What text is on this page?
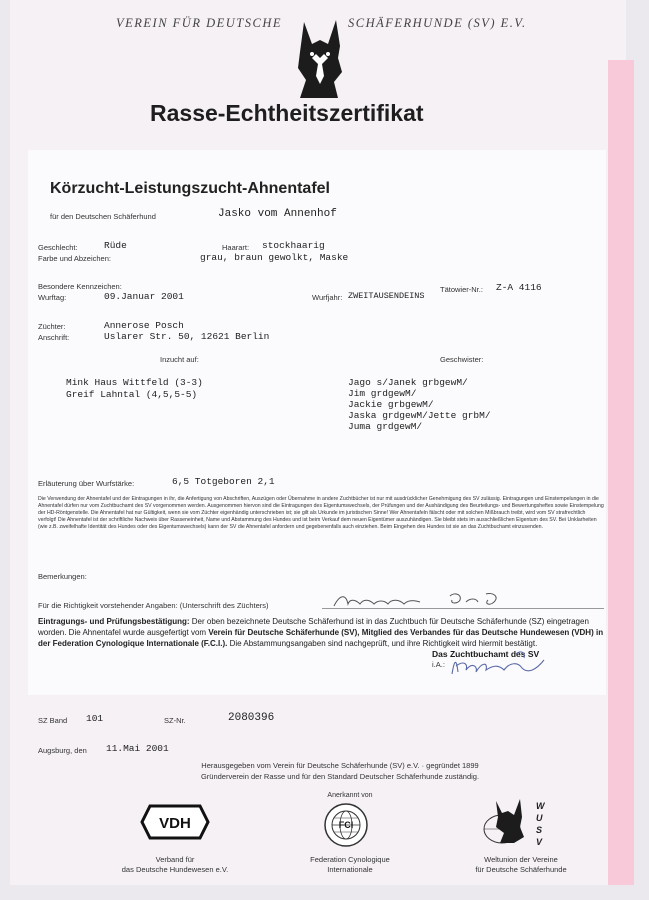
VEREIN FÜR DEUTSCHE	SCHÄFERHUNDE (SV) E.V.
Rasse-Echtheitszertifikat
Körzucht-Leistungszucht-Ahnentafel
für den Deutschen Schäferhund	Jasko vom Annenhof
Geschlecht:	Rüde	Haarart: stockhaarig
Farbe und Abzeichen:	grau, braun gewolkt, Maske
Besondere Kennzeichen:	Tätowier-Nr.: Z-A 4116
Wurftag:	09.Januar 2001	Wurfjahr: ZWEITAUSENDEINS
Züchter:	Annerose Posch
Anschrift:	Uslarer Str. 50, 12621 Berlin
Inzucht auf:	Geschwister:
Mink Haus Wittfeld (3-3)
Greif Lahntal (4,5,5-5)
Jago s/Janek grbgewM/
Jim grdgewM/
Jackie grbgewM/
Jaska grdgewM/Jette grbM/
Juma grdgewM/
Erläuterung über Wurfstärke:	6,5 Totgeboren 2,1
Die Verwendung der Ahnentafel und der Eintragungen in ihr, die Anfertigung von Abschriften, Auszügen oder Übernahme in andere Zuchtbücher ist nur mit ausdrücklicher Genehmigung des SV zulässig. Eintragungen und Einstempelungen in die Ahnentafel dürfen nur vom Zuchtbuchamt des SV vorgenommen werden. Ausgenommen hiervon sind die Eintragungen des Eigentumswechsels, der Prüfungen und der Aushändigung des Beurteilungs- und Bewertungsheftes sowie Einstempelung der HD-Röntgenstelle. Die Ahnentafel hat nur Gültigkeit, wenn sie vom Züchter eigenhändig unterschrieben ist; sie gilt als Urkunde im juristischen Sinne! Wer Ahnentafeln fälscht oder mit solchen Mißbrauch treibt, wird vom SV strafrechtlich verfolgt! Die Ahnentafel ist der schriftliche Nachweis über Rasseneinheit, Name und Abstammung des Hundes und ist beim Verkauf dem neuen Eigentümer auszuhändigen. Sie bleibt stets im ausschließlichen Eigentum des SV. Bei Unklarheiten (wie z.B. zweifelhafte Identität des Hundes oder des Eigentumswechsels) kann der SV die Ahnentafel anfordern und gegebenenfalls auch einziehen. Beim Eingehen des Hundes ist sie an das Zuchtbuchamt einzusenden.
Bemerkungen:
Für die Richtigkeit vorstehender Angaben: (Unterschrift des Züchters)
Eintragungs- und Prüfungsbestätigung: Der oben bezeichnete Deutsche Schäferhund ist in das Zuchtbuch für Deutsche Schäferhunde (SZ) eingetragen worden. Die Ahnentafel wurde ausgefertigt vom Verein für Deutsche Schäferhunde (SV), Mitglied des Verbandes für das Deutsche Hundewesen (VDH) in der Federation Cynologique Internationale (F.C.I.). Die Abstammungsangaben sind nachgeprüft, und ihre Richtigkeit wird hiermit bestätigt.
Das Zuchtbuchamt des SV
i.A.:
SZ Band 101	SZ-Nr.	2080396
Augsburg, den 11.Mai 2001
Herausgegeben vom Verein für Deutsche Schäferhunde (SV) e.V. · gegründet 1899
Gründerverein der Rasse und für den Standard Deutscher Schäferhunde zuständig.
Anerkannt von
VDH	FCI
W
U
S
V
Verband für
das Deutsche Hundewesen e.V.
Federation Cynologique
Internationale
Weltunion der Vereine
für Deutsche Schäferhunde
